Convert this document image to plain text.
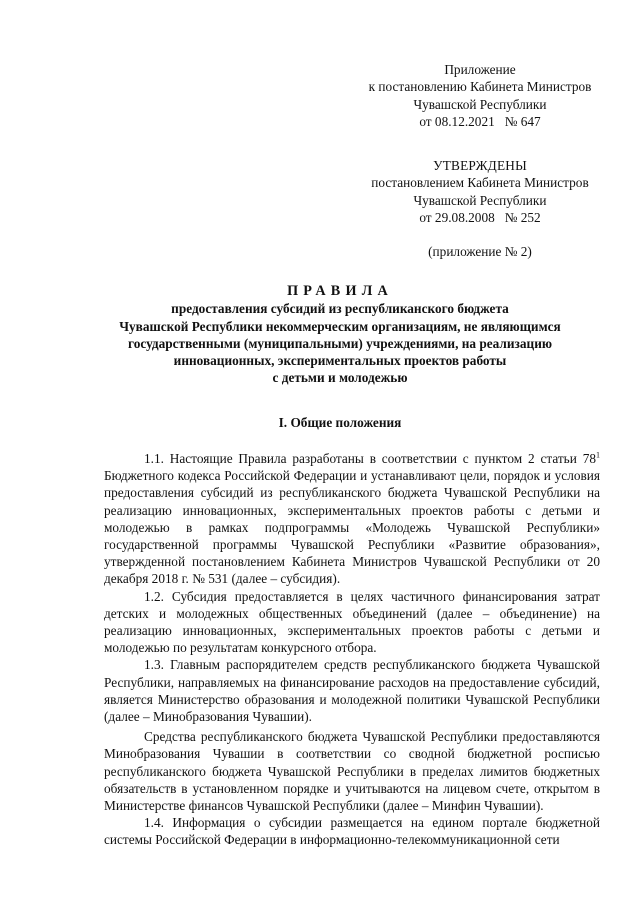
Приложение
к постановлению Кабинета Министров
Чувашской Республики
от 08.12.2021   № 647
УТВЕРЖДЕНЫ
постановлением Кабинета Министров
Чувашской Республики
от 29.08.2008   № 252
(приложение № 2)
ПРАВИЛА
предоставления субсидий из республиканского бюджета
Чувашской Республики некоммерческим организациям, не являющимся
государственными (муниципальными) учреждениями, на реализацию
инновационных, экспериментальных проектов работы
с детьми и молодежью
I. Общие положения

1.1. Настоящие Правила разработаны в соответствии с пунктом 2 статьи $78^1$ Бюджетного кодекса Российской Федерации и устанавливают цели, порядок и условия предоставления субсидий из республиканского бюджета Чувашской Республики на реализацию инновационных, экспериментальных проектов работы с детьми и молодежью в рамках подпрограммы «Молодежь Чувашской Республики» государственной программы Чувашской Республики «Развитие образования», утвержденной постановлением Кабинета Министров Чувашской Республики от 20 декабря 2018 г. № 531 (далее – субсидия).

1.2. Субсидия предоставляется в целях частичного финансирования затрат детских и молодежных общественных объединений (далее – объединение) на реализацию инновационных, экспериментальных проектов работы с детьми и молодежью по результатам конкурсного отбора.

1.3. Главным распорядителем средств республиканского бюджета Чувашской Республики, направляемых на финансирование расходов на предоставление субсидий, является Министерство образования и молодежной политики Чувашской Республики (далее – Минобразования Чувашии).

Средства республиканского бюджета Чувашской Республики предоставляются Минобразования Чувашии в соответствии со сводной бюджетной росписью республиканского бюджета Чувашской Республики в пределах лимитов бюджетных обязательств в установленном порядке и учитываются на лицевом счете, открытом в Министерстве финансов Чувашской Республики (далее – Минфин Чувашии).

1.4. Информация о субсидии размещается на едином портале бюджетной системы Российской Федерации в информационно-телекоммуникационной сети
